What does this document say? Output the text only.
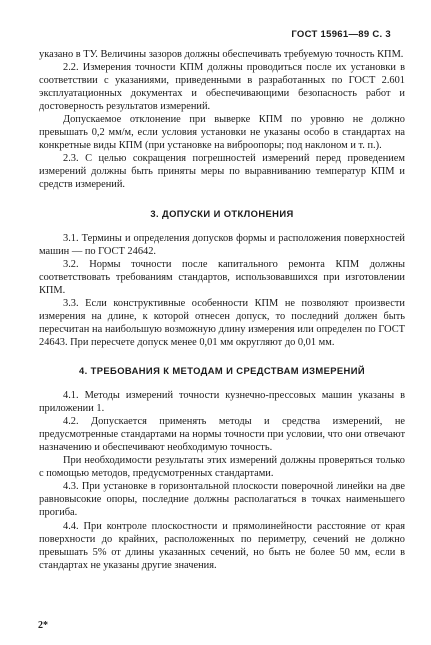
ГОСТ 15961—89 С. 3

указано в ТУ. Величины зазоров должны обеспечивать требуемую точность КПМ.

2.2. Измерения точности КПМ должны проводиться после их установки в соответствии с указаниями, приведенными в разработанных по ГОСТ 2.601 эксплуатационных документах и обеспечивающими безопасность работ и достоверность результатов измерений.

Допускаемое отклонение при выверке КПМ по уровню не должно превышать 0,2 мм/м, если условия установки не указаны особо в стандартах на конкретные виды КПМ (при установке на виброопоры; под наклоном и т. п.).

2.3. С целью сокращения погрешностей измерений перед проведением измерений должны быть приняты меры по выравниванию температур КПМ и средств измерений.

3. ДОПУСКИ И ОТКЛОНЕНИЯ

3.1. Термины и определения допусков формы и расположения поверхностей машин — по ГОСТ 24642.

3.2. Нормы точности после капитального ремонта КПМ должны соответствовать требованиям стандартов, использовавшихся при изготовлении КПМ.

3.3. Если конструктивные особенности КПМ не позволяют произвести измерения на длине, к которой отнесен допуск, то последний должен быть пересчитан на наибольшую возможную длину измерения или определен по ГОСТ 24643. При пересчете допуск менее 0,01 мм округляют до 0,01 мм.

4. ТРЕБОВАНИЯ К МЕТОДАМ И СРЕДСТВАМ ИЗМЕРЕНИЙ

4.1. Методы измерений точности кузнечно-прессовых машин указаны в приложении 1.

4.2. Допускается применять методы и средства измерений, не предусмотренные стандартами на нормы точности при условии, что они отвечают назначению и обеспечивают необходимую точность.

При необходимости результаты этих измерений должны проверяться только с помощью методов, предусмотренных стандартами.

4.3. При установке в горизонтальной плоскости поверочной линейки на две равновысокие опоры, последние должны располагаться в точках наименьшего прогиба.

4.4. При контроле плоскостности и прямолинейности расстояние от края поверхности до крайних, расположенных по периметру, сечений не должно превышать 5% от длины указанных сечений, но быть не более 50 мм, если в стандартах не указаны другие значения.

2*
